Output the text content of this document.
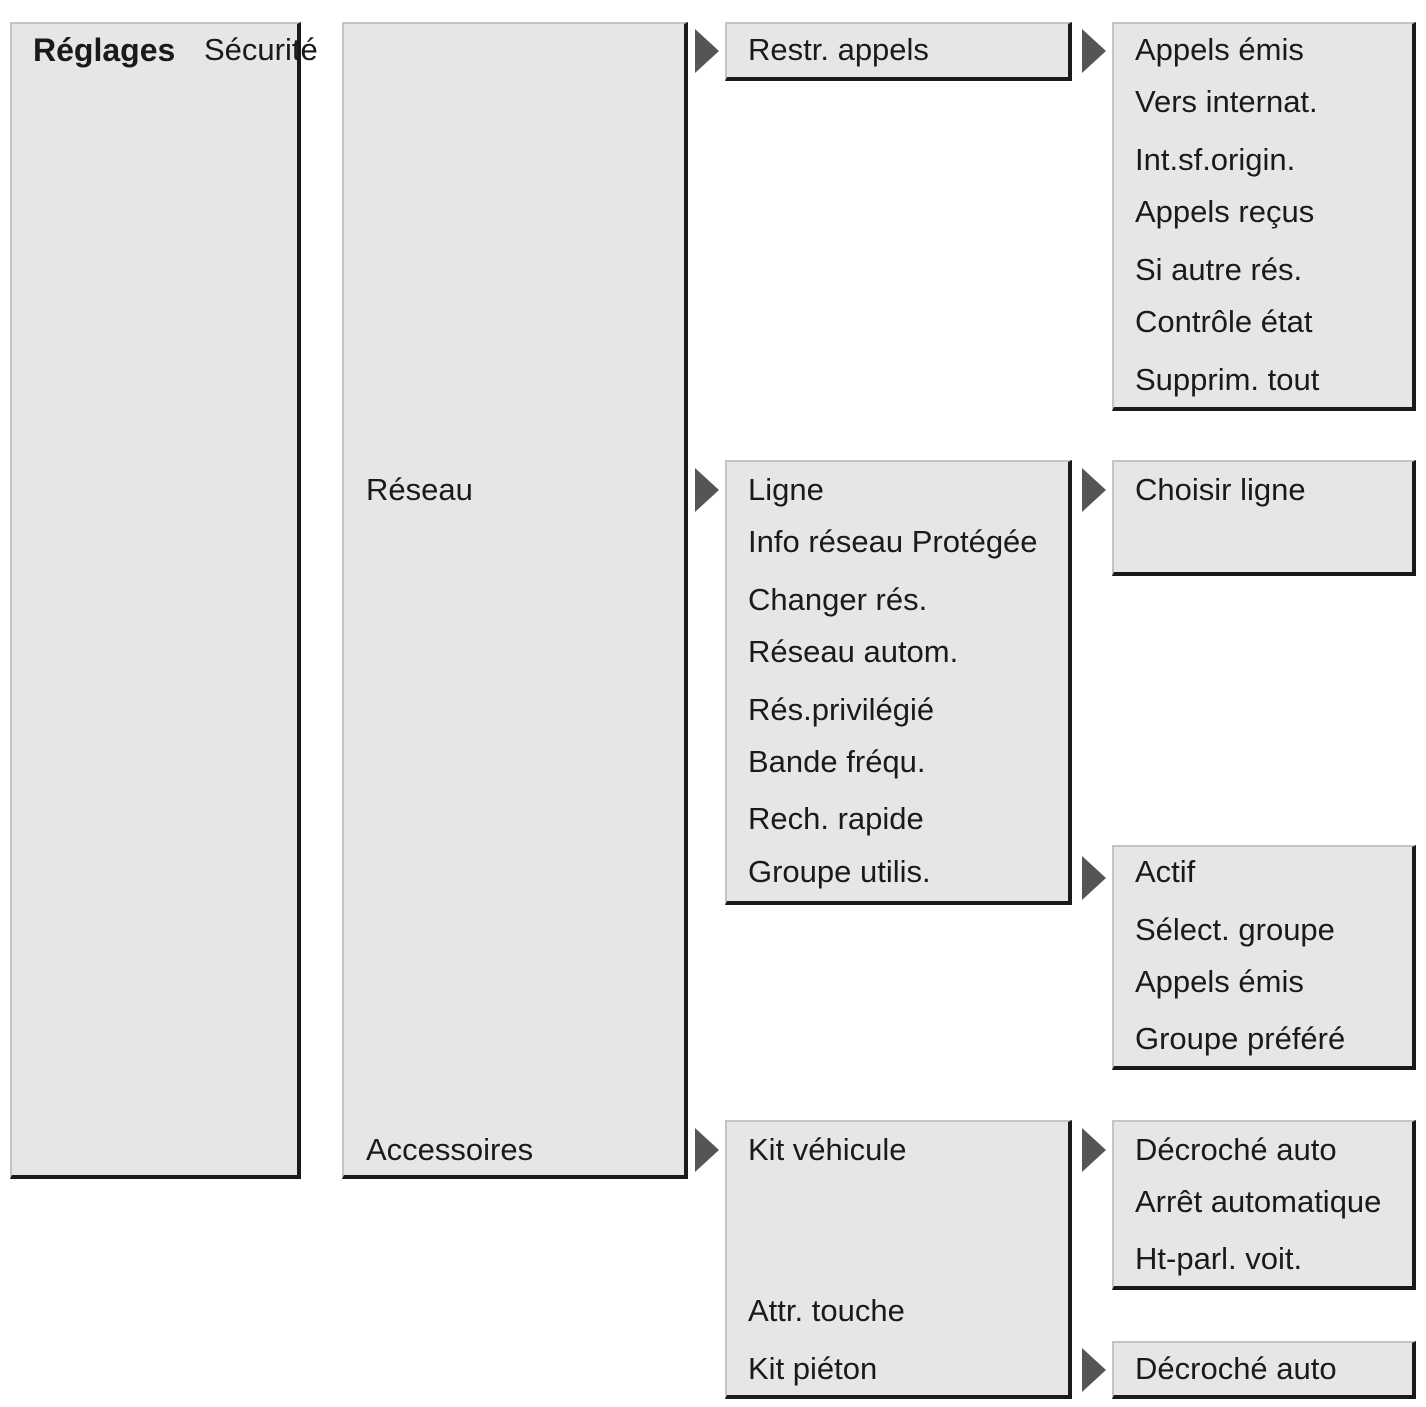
Réglages Sécurité
Réseau
Accessoires
Restr. appels
Ligne
Info réseau Protégée
Changer rés.
Réseau autom.
Rés.privilégié
Bande fréqu.
Rech. rapide
Groupe utilis.
Kit véhicule
Attr. touche
Kit piéton
Appels émis
Vers internat.
Int.sf.origin.
Appels reçus
Si autre rés.
Contrôle état
Supprim. tout
Choisir ligne
Actif
Sélect. groupe
Appels émis
Groupe préféré
Décroché auto
Arrêt automatique
Ht-parl. voit.
Décroché auto
